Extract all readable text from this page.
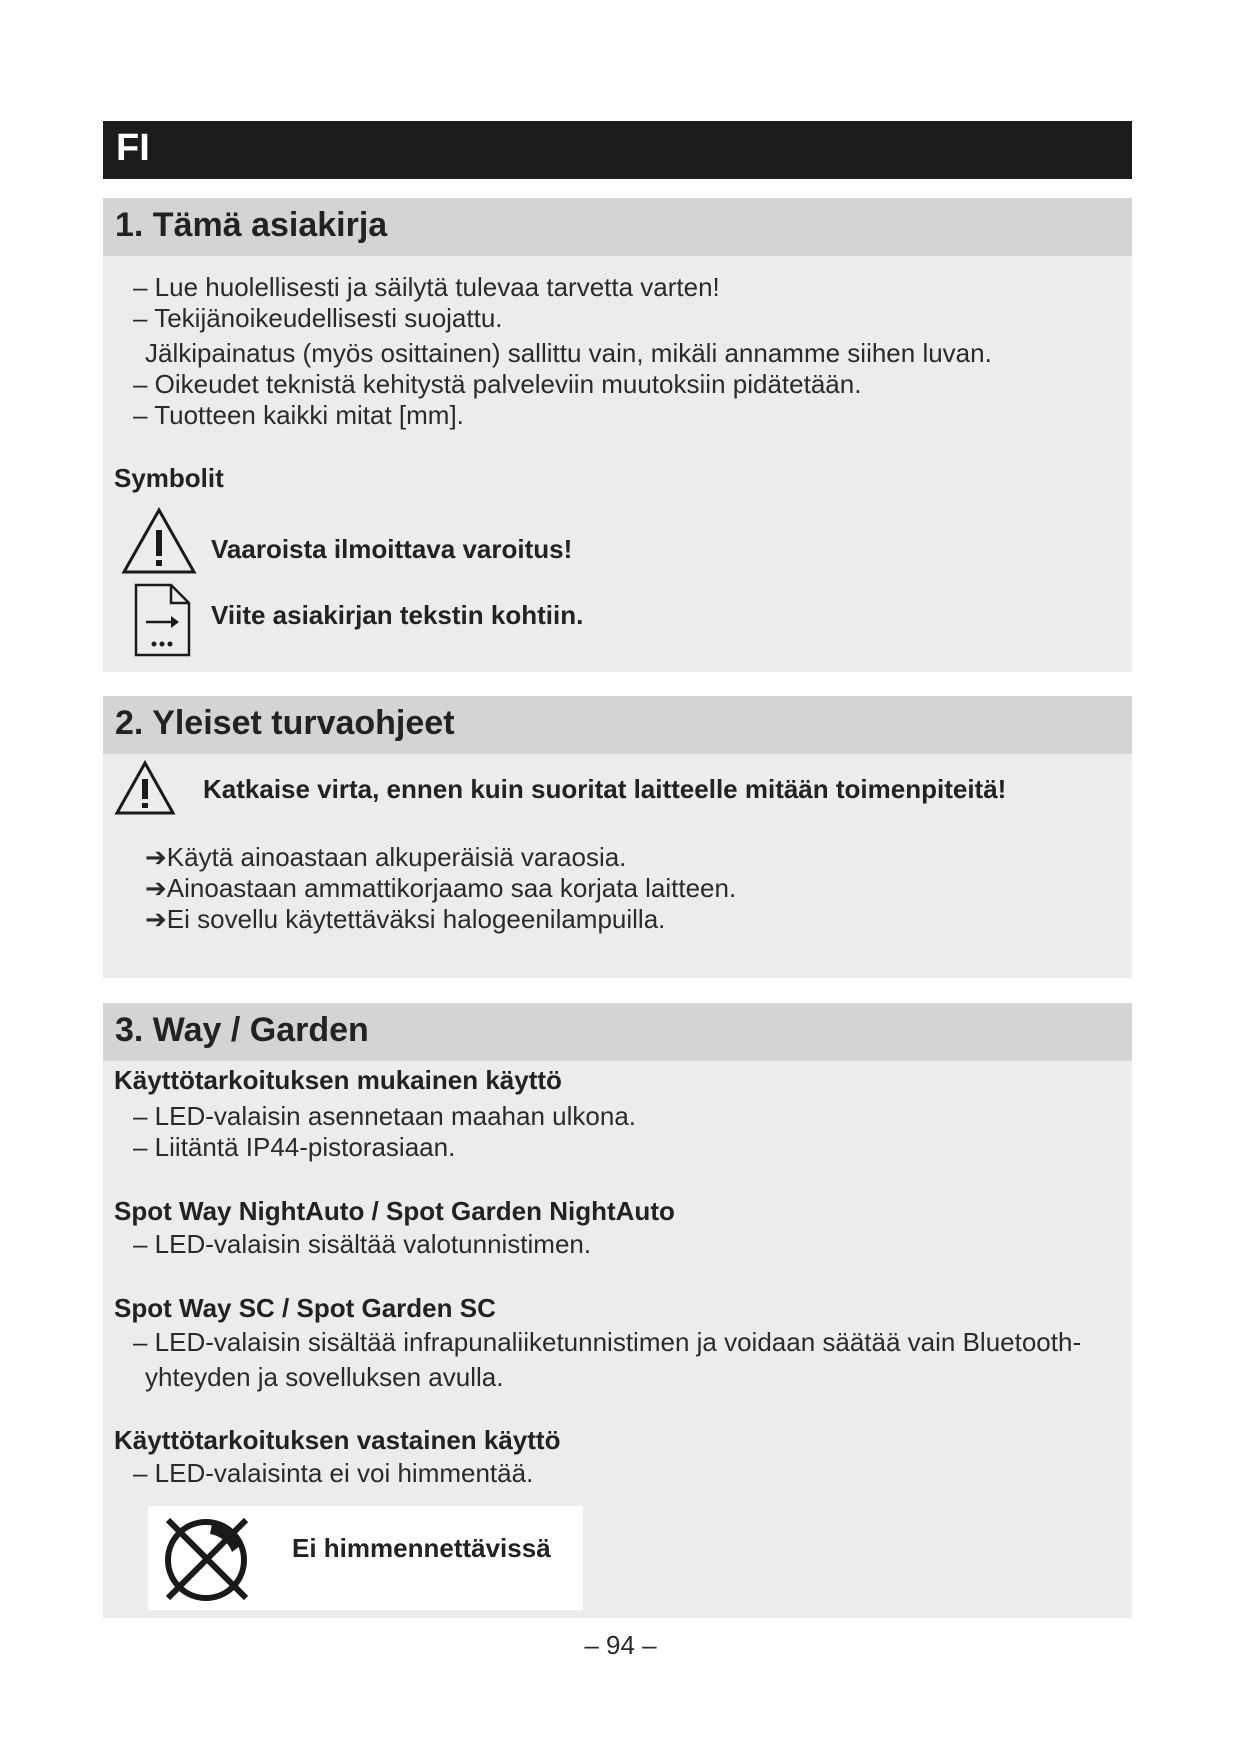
FI
1. Tämä asiakirja
– Lue huolellisesti ja säilytä tulevaa tarvetta varten!
– Tekijänoikeudellisesti suojattu.
Jälkipainatus (myös osittainen) sallittu vain, mikäli annamme siihen luvan.
– Oikeudet teknistä kehitystä palveleviin muutoksiin pidätetään.
– Tuotteen kaikki mitat [mm].
Symbolit
Vaaroista ilmoittava varoitus!
Viite asiakirjan tekstin kohtiin.
2. Yleiset turvaohjeet
Katkaise virta, ennen kuin suoritat laitteelle mitään toimenpiteitä!
➔Käytä ainoastaan alkuperäisiä varaosia.
➔Ainoastaan ammattikorjaamo saa korjata laitteen.
➔Ei sovellu käytettäväksi halogeenilampuilla.
3. Way / Garden
Käyttötarkoituksen mukainen käyttö
– LED-valaisin asennetaan maahan ulkona.
– Liitäntä IP44-pistorasiaan.
Spot Way NightAuto / Spot Garden NightAuto
– LED-valaisin sisältää valotunnistimen.
Spot Way SC / Spot Garden SC
– LED-valaisin sisältää infrapunaliiketunnistimen ja voidaan säätää vain Bluetooth-
yhteyden ja sovelluksen avulla.
Käyttötarkoituksen vastainen käyttö
– LED-valaisinta ei voi himmentää.
Ei himmennettävissä
– 94 –
